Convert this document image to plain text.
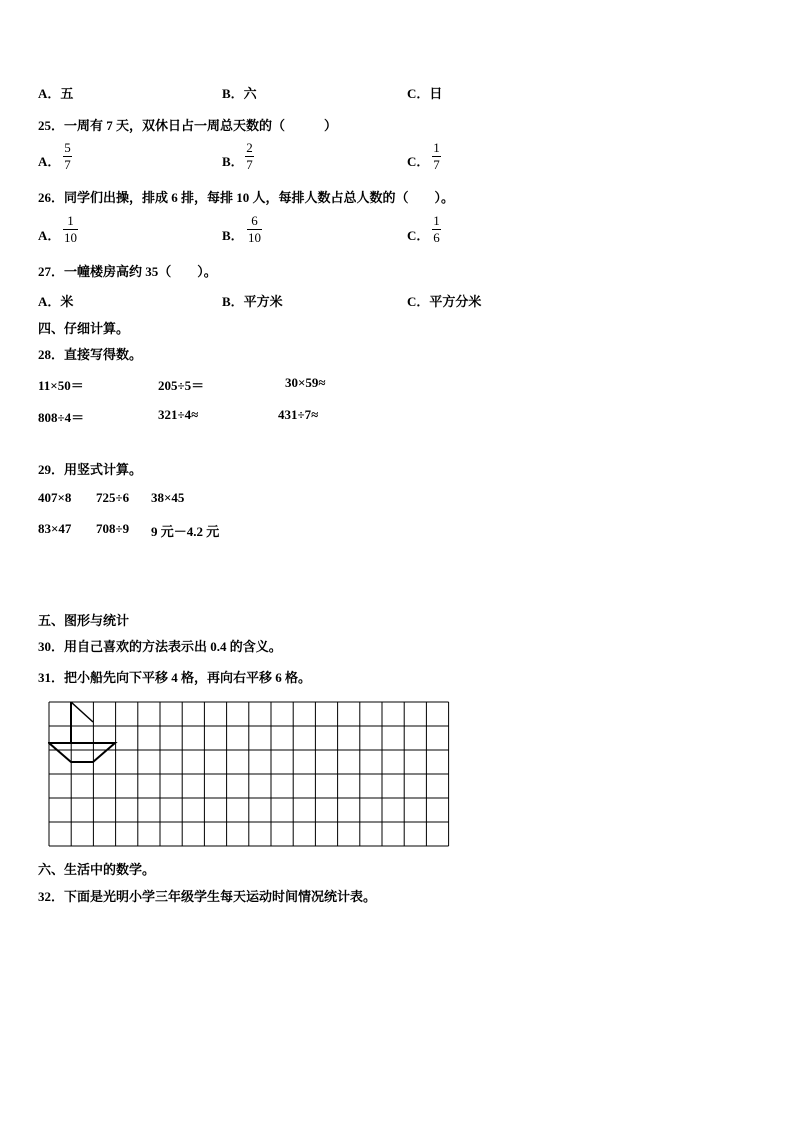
A．五	B．六	C．日
25．一周有 7 天，双休日占一周总天数的（　　　）
A．
5
7	B．
2
7	C．
1
7
26．同学们出操，排成 6 排，每排 10 人，每排人数占总人数的（　　）。
A．
1
10	B．
6
10	C．
1
6
27．一幢楼房高约 35（　　）。
A．米	B．平方米	C．平方分米
四、仔细计算。
28．直接写得数。
11×50＝	205÷5＝	30×59≈
808÷4＝	321÷4≈	431÷7≈
29．用竖式计算。
407×8 725÷6 38×45
83×47 708÷9 9 元－4.2 元
五、图形与统计
30．用自己喜欢的方法表示出 0.4 的含义。
31．把小船先向下平移 4 格，再向右平移 6 格。
六、生活中的数学。
32．下面是光明小学三年级学生每天运动时间情况统计表。
